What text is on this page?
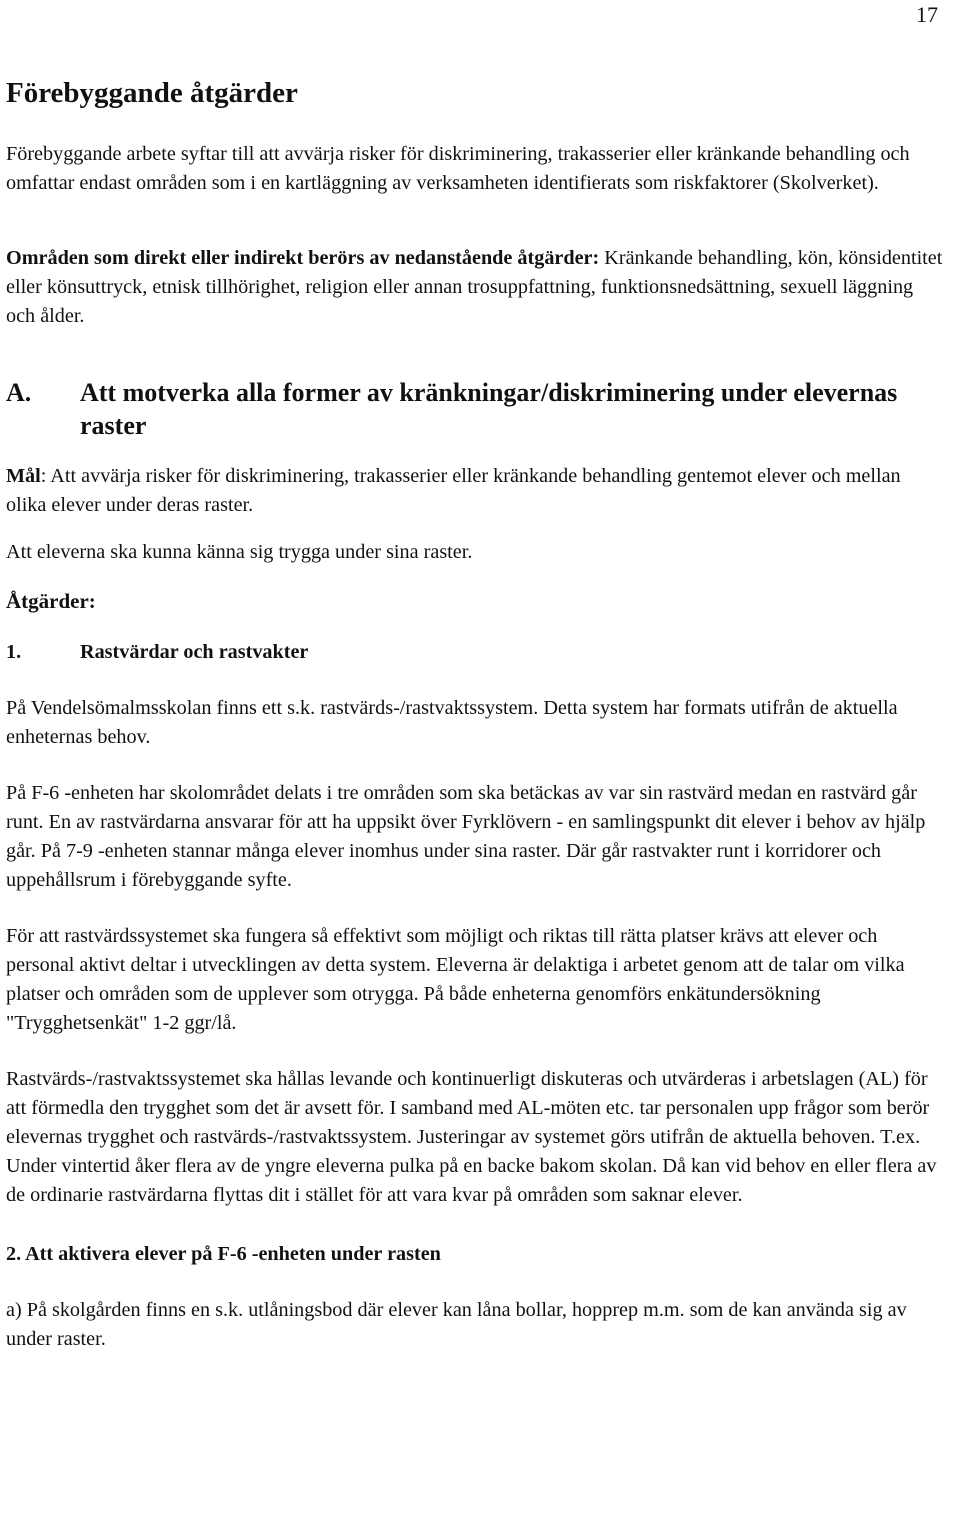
17
Förebyggande åtgärder

Förebyggande arbete syftar till att avvärja risker för diskriminering, trakasserier eller kränkande behandling och omfattar endast områden som i en kartläggning av verksamheten identifierats som riskfaktorer (Skolverket).

Områden som direkt eller indirekt berörs av nedanstående åtgärder: Kränkande behandling, kön, könsidentitet eller könsuttryck, etnisk tillhörighet, religion eller annan trosuppfattning, funktionsnedsättning, sexuell läggning och ålder.

A.	Att motverka alla former av kränkningar/diskriminering under elevernas raster

Mål: Att avvärja risker för diskriminering, trakasserier eller kränkande behandling gentemot elever och mellan olika elever under deras raster.

Att eleverna ska kunna känna sig trygga under sina raster.

Åtgärder:

1.	Rastvärdar och rastvakter

På Vendelsömalmsskolan finns ett s.k. rastvärds-/rastvaktssystem. Detta system har formats utifrån de aktuella enheternas behov.

På F-6 -enheten har skolområdet delats i tre områden som ska betäckas av var sin rastvärd medan en rastvärd går runt. En av rastvärdarna ansvarar för att ha uppsikt över Fyrklövern - en samlingspunkt dit elever i behov av hjälp går. På 7-9 -enheten stannar många elever inomhus under sina raster. Där går rastvakter runt i korridorer och uppehållsrum i förebyggande syfte.

För att rastvärdssystemet ska fungera så effektivt som möjligt och riktas till rätta platser krävs att elever och personal aktivt deltar i utvecklingen av detta system. Eleverna är delaktiga i arbetet genom att de talar om vilka platser och områden som de upplever som otrygga. På både enheterna genomförs enkätundersökning "Trygghetsenkät" 1-2 ggr/lå.

Rastvärds-/rastvaktssystemet ska hållas levande och kontinuerligt diskuteras och utvärderas i arbetslagen (AL) för att förmedla den trygghet som det är avsett för. I samband med AL-möten etc. tar personalen upp frågor som berör elevernas trygghet och rastvärds-/rastvaktssystem. Justeringar av systemet görs utifrån de aktuella behoven. T.ex. Under vintertid åker flera av de yngre eleverna pulka på en backe bakom skolan. Då kan vid behov en eller flera av de ordinarie rastvärdarna flyttas dit i stället för att vara kvar på områden som saknar elever.

2. Att aktivera elever på F-6 -enheten under rasten

a) På skolgården finns en s.k. utlåningsbod där elever kan låna bollar, hopprep m.m. som de kan använda sig av under raster.
